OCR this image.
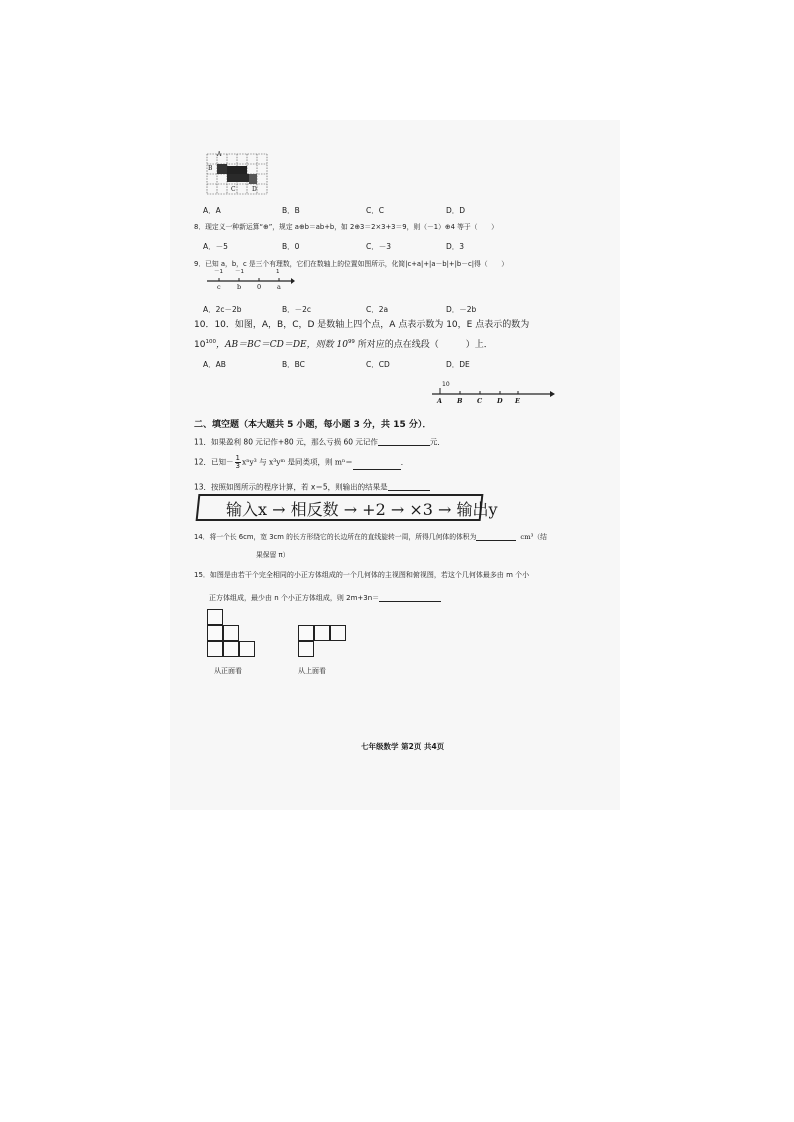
A
B
C	D
A．A	B．B	C．C	D．D
8．现定义一种新运算“⊕”，规定 a⊕b＝ab+b，如 2⊕3＝2×3+3＝9，则（－1）⊕4 等于（　　）
A．－5	B．0	C．－3	D．3
9．已知 a，b，c 是三个有理数，它们在数轴上的位置如图所示，化简|c+a|+|a－b|+|b－c|得（　　）
－1 －1	1
c	b 0 a
A．2c－2b	B．－2c	C．2a	D．－2b
10．10．如图，A，B，C，D 是数轴上四个点，A 点表示数为 10，E 点表示的数为
$10^{100}$，AB＝BC＝CD＝DE，则数 $10^{99}$ 所对应的点在线段（　　　）上．
A．AB	B．BC	C．CD	D．DE
10
A B C D E
二、填空题（本大题共 5 小题，每小题 3 分，共 15 分）．
11．如果盈利 80 元记作+80 元，那么亏损 60 元记作	元．
12．已知－ $\frac{1}{3} x^ny^3$ 与 x³yᵐ 是同类项，则 mⁿ＝	．
13．按照如图所示的程序计算，若 x＝5，则输出的结果是
输入x → 相反数 → +2 → ×3 → 输出y
14．将一个长 6cm，宽 3cm 的长方形绕它的长边所在的直线旋转一周，所得几何体的体积为	cm³（结
果保留 π）
15．如图是由若干个完全相同的小正方体组成的一个几何体的主视图和俯视图，若这个几何体最多由 m 个小
正方体组成，最少由 n 个小正方体组成，则 2m+3n＝
从正面看	从上面看
七年级数学 第2页 共4页
